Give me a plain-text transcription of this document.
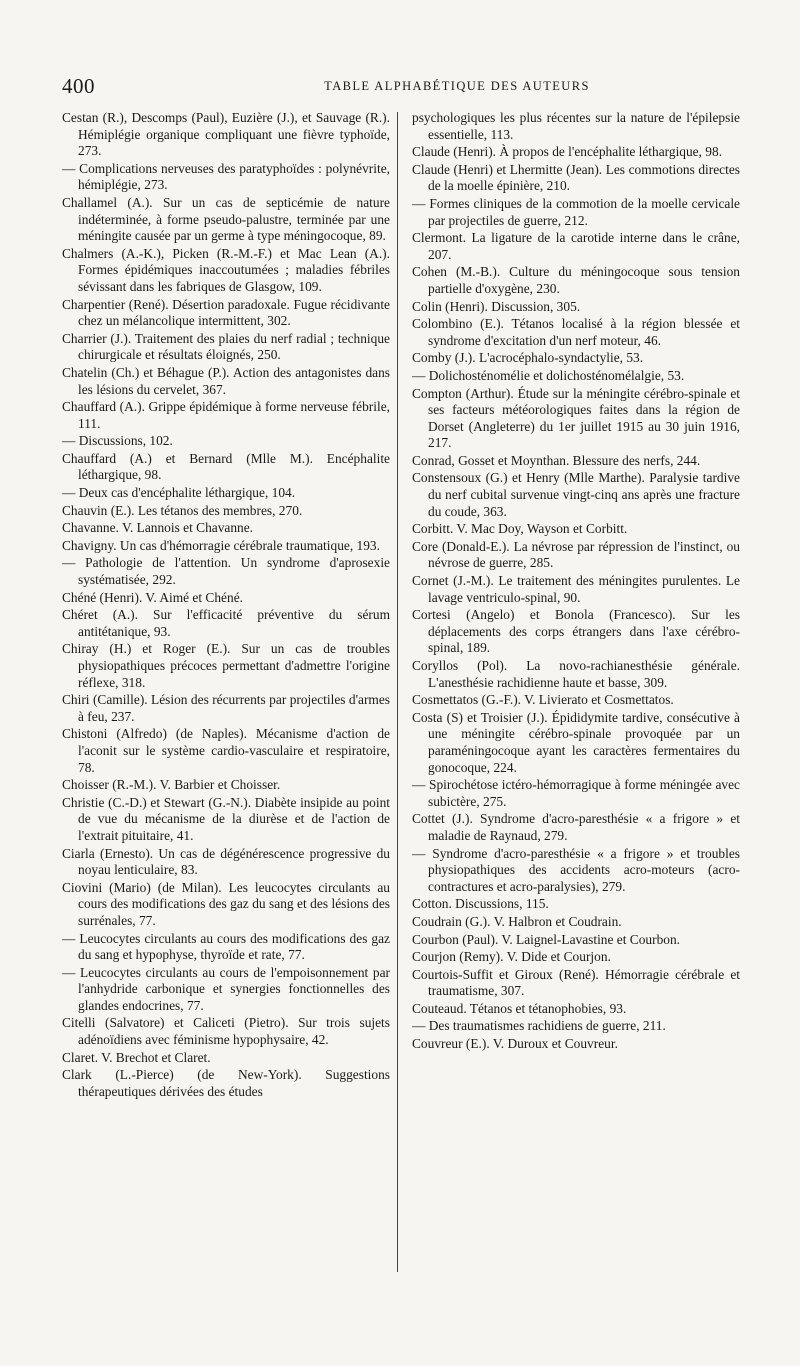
400	TABLE ALPHABÉTIQUE DES AUTEURS

Cestan (R.), Descomps (Paul), Euzière (J.), et Sauvage (R.). Hémiplégie organique compliquant une fièvre typhoïde, 273.

— Complications nerveuses des paratyphoïdes : polynévrite, hémiplégie, 273.

Challamel (A.). Sur un cas de septicémie de nature indéterminée, à forme pseudo-palustre, terminée par une méningite causée par un germe à type méningocoque, 89.

Chalmers (A.-K.), Picken (R.-M.-F.) et Mac Lean (A.). Formes épidémiques inaccoutumées ; maladies fébriles sévissant dans les fabriques de Glasgow, 109.

Charpentier (René). Désertion paradoxale. Fugue récidivante chez un mélancolique intermittent, 302.

Charrier (J.). Traitement des plaies du nerf radial ; technique chirurgicale et résultats éloignés, 250.

Chatelin (Ch.) et Béhague (P.). Action des antagonistes dans les lésions du cervelet, 367.

Chauffard (A.). Grippe épidémique à forme nerveuse fébrile, 111.

— Discussions, 102.

Chauffard (A.) et Bernard (Mlle M.). Encéphalite léthargique, 98.

— Deux cas d'encéphalite léthargique, 104.

Chauvin (E.). Les tétanos des membres, 270.

Chavanne. V. Lannois et Chavanne.

Chavigny. Un cas d'hémorragie cérébrale traumatique, 193.

— Pathologie de l'attention. Un syndrome d'aprosexie systématisée, 292.

Chéné (Henri). V. Aimé et Chéné.

Chéret (A.). Sur l'efficacité préventive du sérum antitétanique, 93.

Chiray (H.) et Roger (E.). Sur un cas de troubles physiopathiques précoces permettant d'admettre l'origine réflexe, 318.

Chiri (Camille). Lésion des récurrents par projectiles d'armes à feu, 237.

Chistoni (Alfredo) (de Naples). Mécanisme d'action de l'aconit sur le système cardio-vasculaire et respiratoire, 78.

Choisser (R.-M.). V. Barbier et Choisser.

Christie (C.-D.) et Stewart (G.-N.). Diabète insipide au point de vue du mécanisme de la diurèse et de l'action de l'extrait pituitaire, 41.

Ciarla (Ernesto). Un cas de dégénérescence progressive du noyau lenticulaire, 83.

Ciovini (Mario) (de Milan). Les leucocytes circulants au cours des modifications des gaz du sang et des lésions des surrénales, 77.

— Leucocytes circulants au cours des modifications des gaz du sang et hypophyse, thyroïde et rate, 77.

— Leucocytes circulants au cours de l'empoisonnement par l'anhydride carbonique et synergies fonctionnelles des glandes endocrines, 77.

Citelli (Salvatore) et Caliceti (Pietro). Sur trois sujets adénoïdiens avec féminisme hypophysaire, 42.

Claret. V. Brechot et Claret.

Clark (L.-Pierce) (de New-York). Suggestions thérapeutiques dérivées des études

psychologiques les plus récentes sur la nature de l'épilepsie essentielle, 113.

Claude (Henri). À propos de l'encéphalite léthargique, 98.

Claude (Henri) et Lhermitte (Jean). Les commotions directes de la moelle épinière, 210.

— Formes cliniques de la commotion de la moelle cervicale par projectiles de guerre, 212.

Clermont. La ligature de la carotide interne dans le crâne, 207.

Cohen (M.-B.). Culture du méningocoque sous tension partielle d'oxygène, 230.

Colin (Henri). Discussion, 305.

Colombino (E.). Tétanos localisé à la région blessée et syndrome d'excitation d'un nerf moteur, 46.

Comby (J.). L'acrocéphalo-syndactylie, 53.

— Dolichosténomélie et dolichosténomélalgie, 53.

Compton (Arthur). Étude sur la méningite cérébro-spinale et ses facteurs météorologiques faites dans la région de Dorset (Angleterre) du 1er juillet 1915 au 30 juin 1916, 217.

Conrad, Gosset et Moynthan. Blessure des nerfs, 244.

Constensoux (G.) et Henry (Mlle Marthe). Paralysie tardive du nerf cubital survenue vingt-cinq ans après une fracture du coude, 363.

Corbitt. V. Mac Doy, Wayson et Corbitt.

Core (Donald-E.). La névrose par répression de l'instinct, ou névrose de guerre, 285.

Cornet (J.-M.). Le traitement des méningites purulentes. Le lavage ventriculo-spinal, 90.

Cortesi (Angelo) et Bonola (Francesco). Sur les déplacements des corps étrangers dans l'axe cérébro-spinal, 189.

Coryllos (Pol). La novo-rachianesthésie générale. L'anesthésie rachidienne haute et basse, 309.

Cosmettatos (G.-F.). V. Livierato et Cosmettatos.

Costa (S) et Troisier (J.). Épididymite tardive, consécutive à une méningite cérébro-spinale provoquée par un paraméningocoque ayant les caractères fermentaires du gonocoque, 224.

— Spirochétose ictéro-hémorragique à forme méningée avec subictère, 275.

Cottet (J.). Syndrome d'acro-paresthésie « a frigore » et maladie de Raynaud, 279.

— Syndrome d'acro-paresthésie « a frigore » et troubles physiopathiques des accidents acro-moteurs (acro-contractures et acro-paralysies), 279.

Cotton. Discussions, 115.

Coudrain (G.). V. Halbron et Coudrain.

Courbon (Paul). V. Laignel-Lavastine et Courbon.

Courjon (Remy). V. Dide et Courjon.

Courtois-Suffit et Giroux (René). Hémorragie cérébrale et traumatisme, 307.

Couteaud. Tétanos et tétanophobies, 93.

— Des traumatismes rachidiens de guerre, 211.

Couvreur (E.). V. Duroux et Couvreur.
